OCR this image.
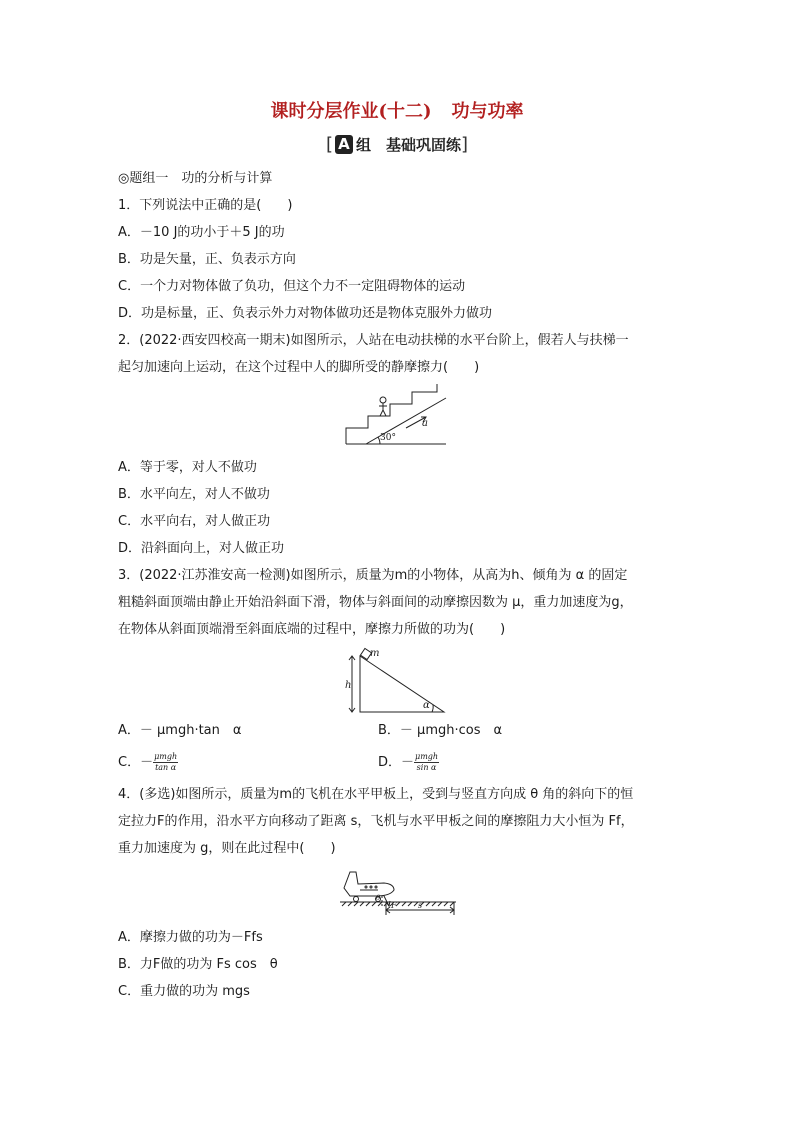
课时分层作业(十二) 功与功率
[ A 组　基础巩固练]
◎题组一　功的分析与计算
1．下列说法中正确的是(　　)
A．－10 J的功小于＋5 J的功
B．功是矢量，正、负表示方向
C．一个力对物体做了负功，但这个力不一定阻碍物体的运动
D．功是标量，正、负表示外力对物体做功还是物体克服外力做功
2．(2022·西安四校高一期末)如图所示，人站在电动扶梯的水平台阶上，假若人与扶梯一
起匀加速向上运动，在这个过程中人的脚所受的静摩擦力(　　)
30°
a
A．等于零，对人不做功
B．水平向左，对人不做功
C．水平向右，对人做正功
D．沿斜面向上，对人做正功
3．(2022·江苏淮安高一检测)如图所示，质量为m的小物体，从高为h、倾角为 α 的固定
粗糙斜面顶端由静止开始沿斜面下滑，物体与斜面间的动摩擦因数为 μ，重力加速度为g，
在物体从斜面顶端滑至斜面底端的过程中，摩擦力所做的功为(　　)
h
m
α
A．－ μmgh·tan　α	B．－ μmgh·cos　α
C．－ $\frac{\text{μmgh}}{\text{tan α}}$	D．－ $\frac{\text{μmgh}}{\text{sin α}}$
4．(多选)如图所示，质量为m的飞机在水平甲板上，受到与竖直方向成 θ 角的斜向下的恒
定拉力F的作用，沿水平方向移动了距离 s，飞机与水平甲板之间的摩擦阻力大小恒为 Ff，
重力加速度为 g，则在此过程中(　　)
F
θ
s
A．摩擦力做的功为－Ffs
B．力F做的功为 Fs cos　θ
C．重力做的功为 mgs
